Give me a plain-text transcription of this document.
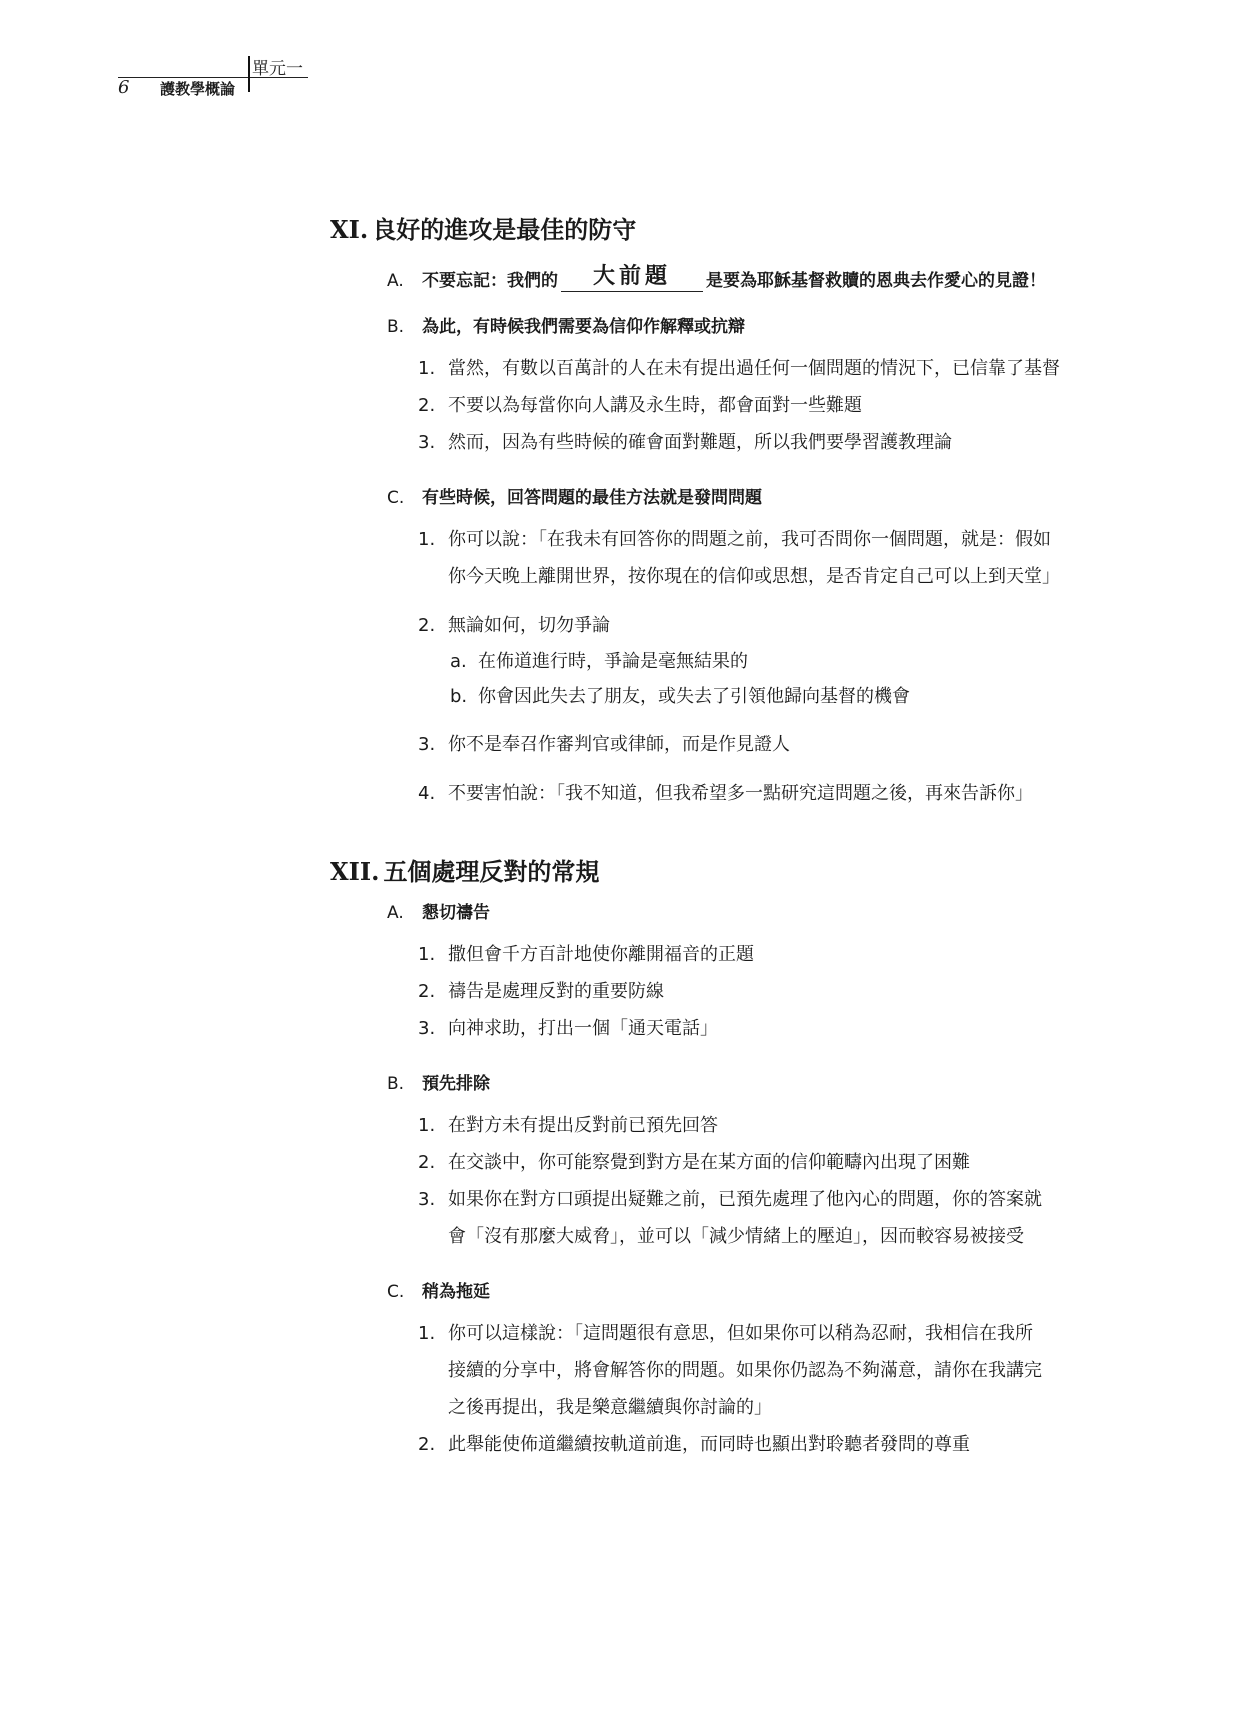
單元一
6 護教學概論
XI. 良好的進攻是最佳的防守
A. 不要忘記：我們的	大前題	是要為耶穌基督救贖的恩典去作愛心的見證！
B. 為此，有時候我們需要為信仰作解釋或抗辯
1. 當然，有數以百萬計的人在未有提出過任何一個問題的情況下，已信靠了基督
2. 不要以為每當你向人講及永生時，都會面對一些難題
3. 然而，因為有些時候的確會面對難題，所以我們要學習護教理論
C. 有些時候，回答問題的最佳方法就是發問問題
1. 你可以說：「在我未有回答你的問題之前，我可否問你一個問題，就是：假如
你今天晚上離開世界，按你現在的信仰或思想，是否肯定自己可以上到天堂」
2. 無論如何，切勿爭論
a. 在佈道進行時，爭論是毫無結果的
b. 你會因此失去了朋友，或失去了引領他歸向基督的機會
3. 你不是奉召作審判官或律師，而是作見證人
4. 不要害怕說：「我不知道，但我希望多一點研究這問題之後，再來告訴你」
XII. 五個處理反對的常規
A. 懇切禱告
1. 撒但會千方百計地使你離開福音的正題
2. 禱告是處理反對的重要防線
3. 向神求助，打出一個「通天電話」
B. 預先排除
1. 在對方未有提出反對前已預先回答
2. 在交談中，你可能察覺到對方是在某方面的信仰範疇內出現了困難
3. 如果你在對方口頭提出疑難之前，已預先處理了他內心的問題，你的答案就
會「沒有那麼大威脅」，並可以「減少情緒上的壓迫」，因而較容易被接受
C. 稍為拖延
1. 你可以這樣說：「這問題很有意思，但如果你可以稍為忍耐，我相信在我所
接續的分享中，將會解答你的問題。如果你仍認為不夠滿意，請你在我講完
之後再提出，我是樂意繼續與你討論的」
2. 此舉能使佈道繼續按軌道前進，而同時也顯出對聆聽者發問的尊重
